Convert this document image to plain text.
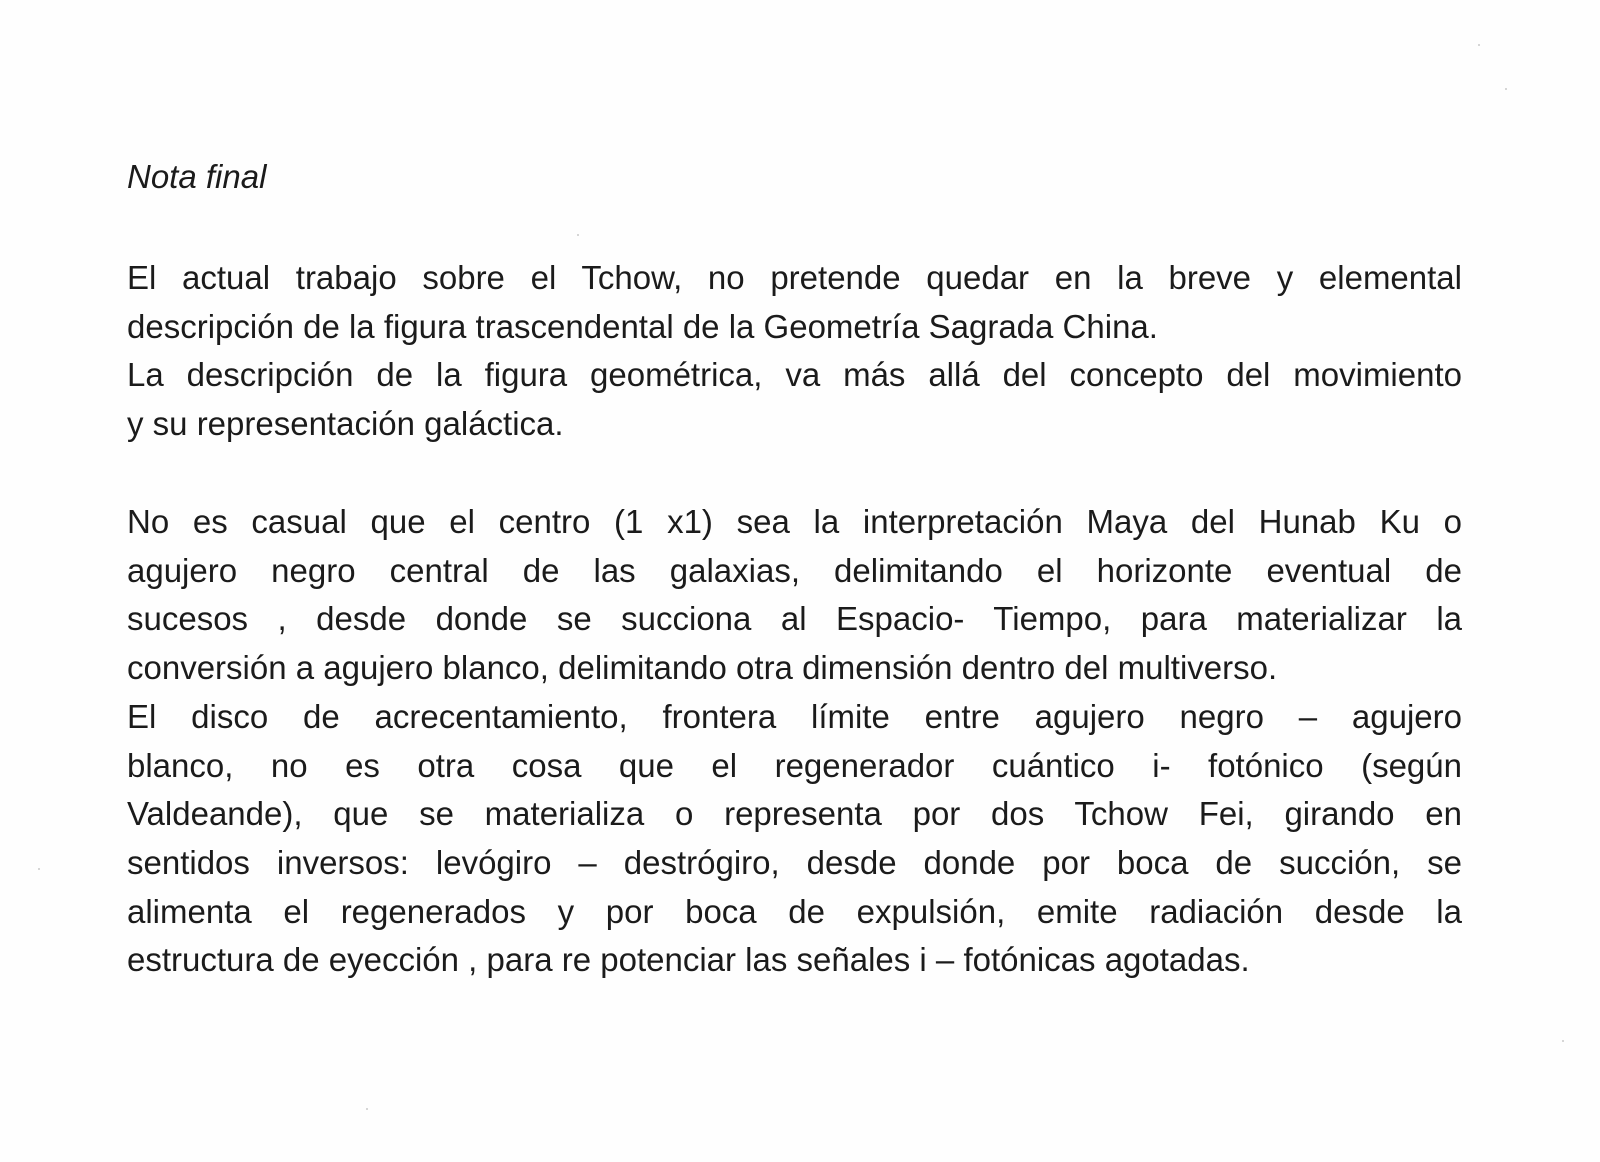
Nota final

El actual trabajo sobre el Tchow, no pretende quedar en la breve y elemental
descripción de la figura trascendental de la Geometría Sagrada China.
La descripción de la figura geométrica, va más allá del concepto del movimiento
y su representación galáctica.

No es casual que el centro (1 x1) sea la interpretación Maya del Hunab Ku o
agujero negro central de las galaxias, delimitando el horizonte eventual de
sucesos , desde donde se succiona al Espacio- Tiempo, para materializar la
conversión a agujero blanco, delimitando otra dimensión dentro del multiverso.
El disco de acrecentamiento, frontera límite entre agujero negro – agujero
blanco, no es otra cosa que el regenerador cuántico i- fotónico (según
Valdeande), que se materializa o representa por dos Tchow Fei, girando en
sentidos inversos: levógiro – destrógiro, desde donde por boca de succión, se
alimenta el regenerados y por boca de expulsión, emite radiación desde la
estructura de eyección , para re potenciar las señales i – fotónicas agotadas.
